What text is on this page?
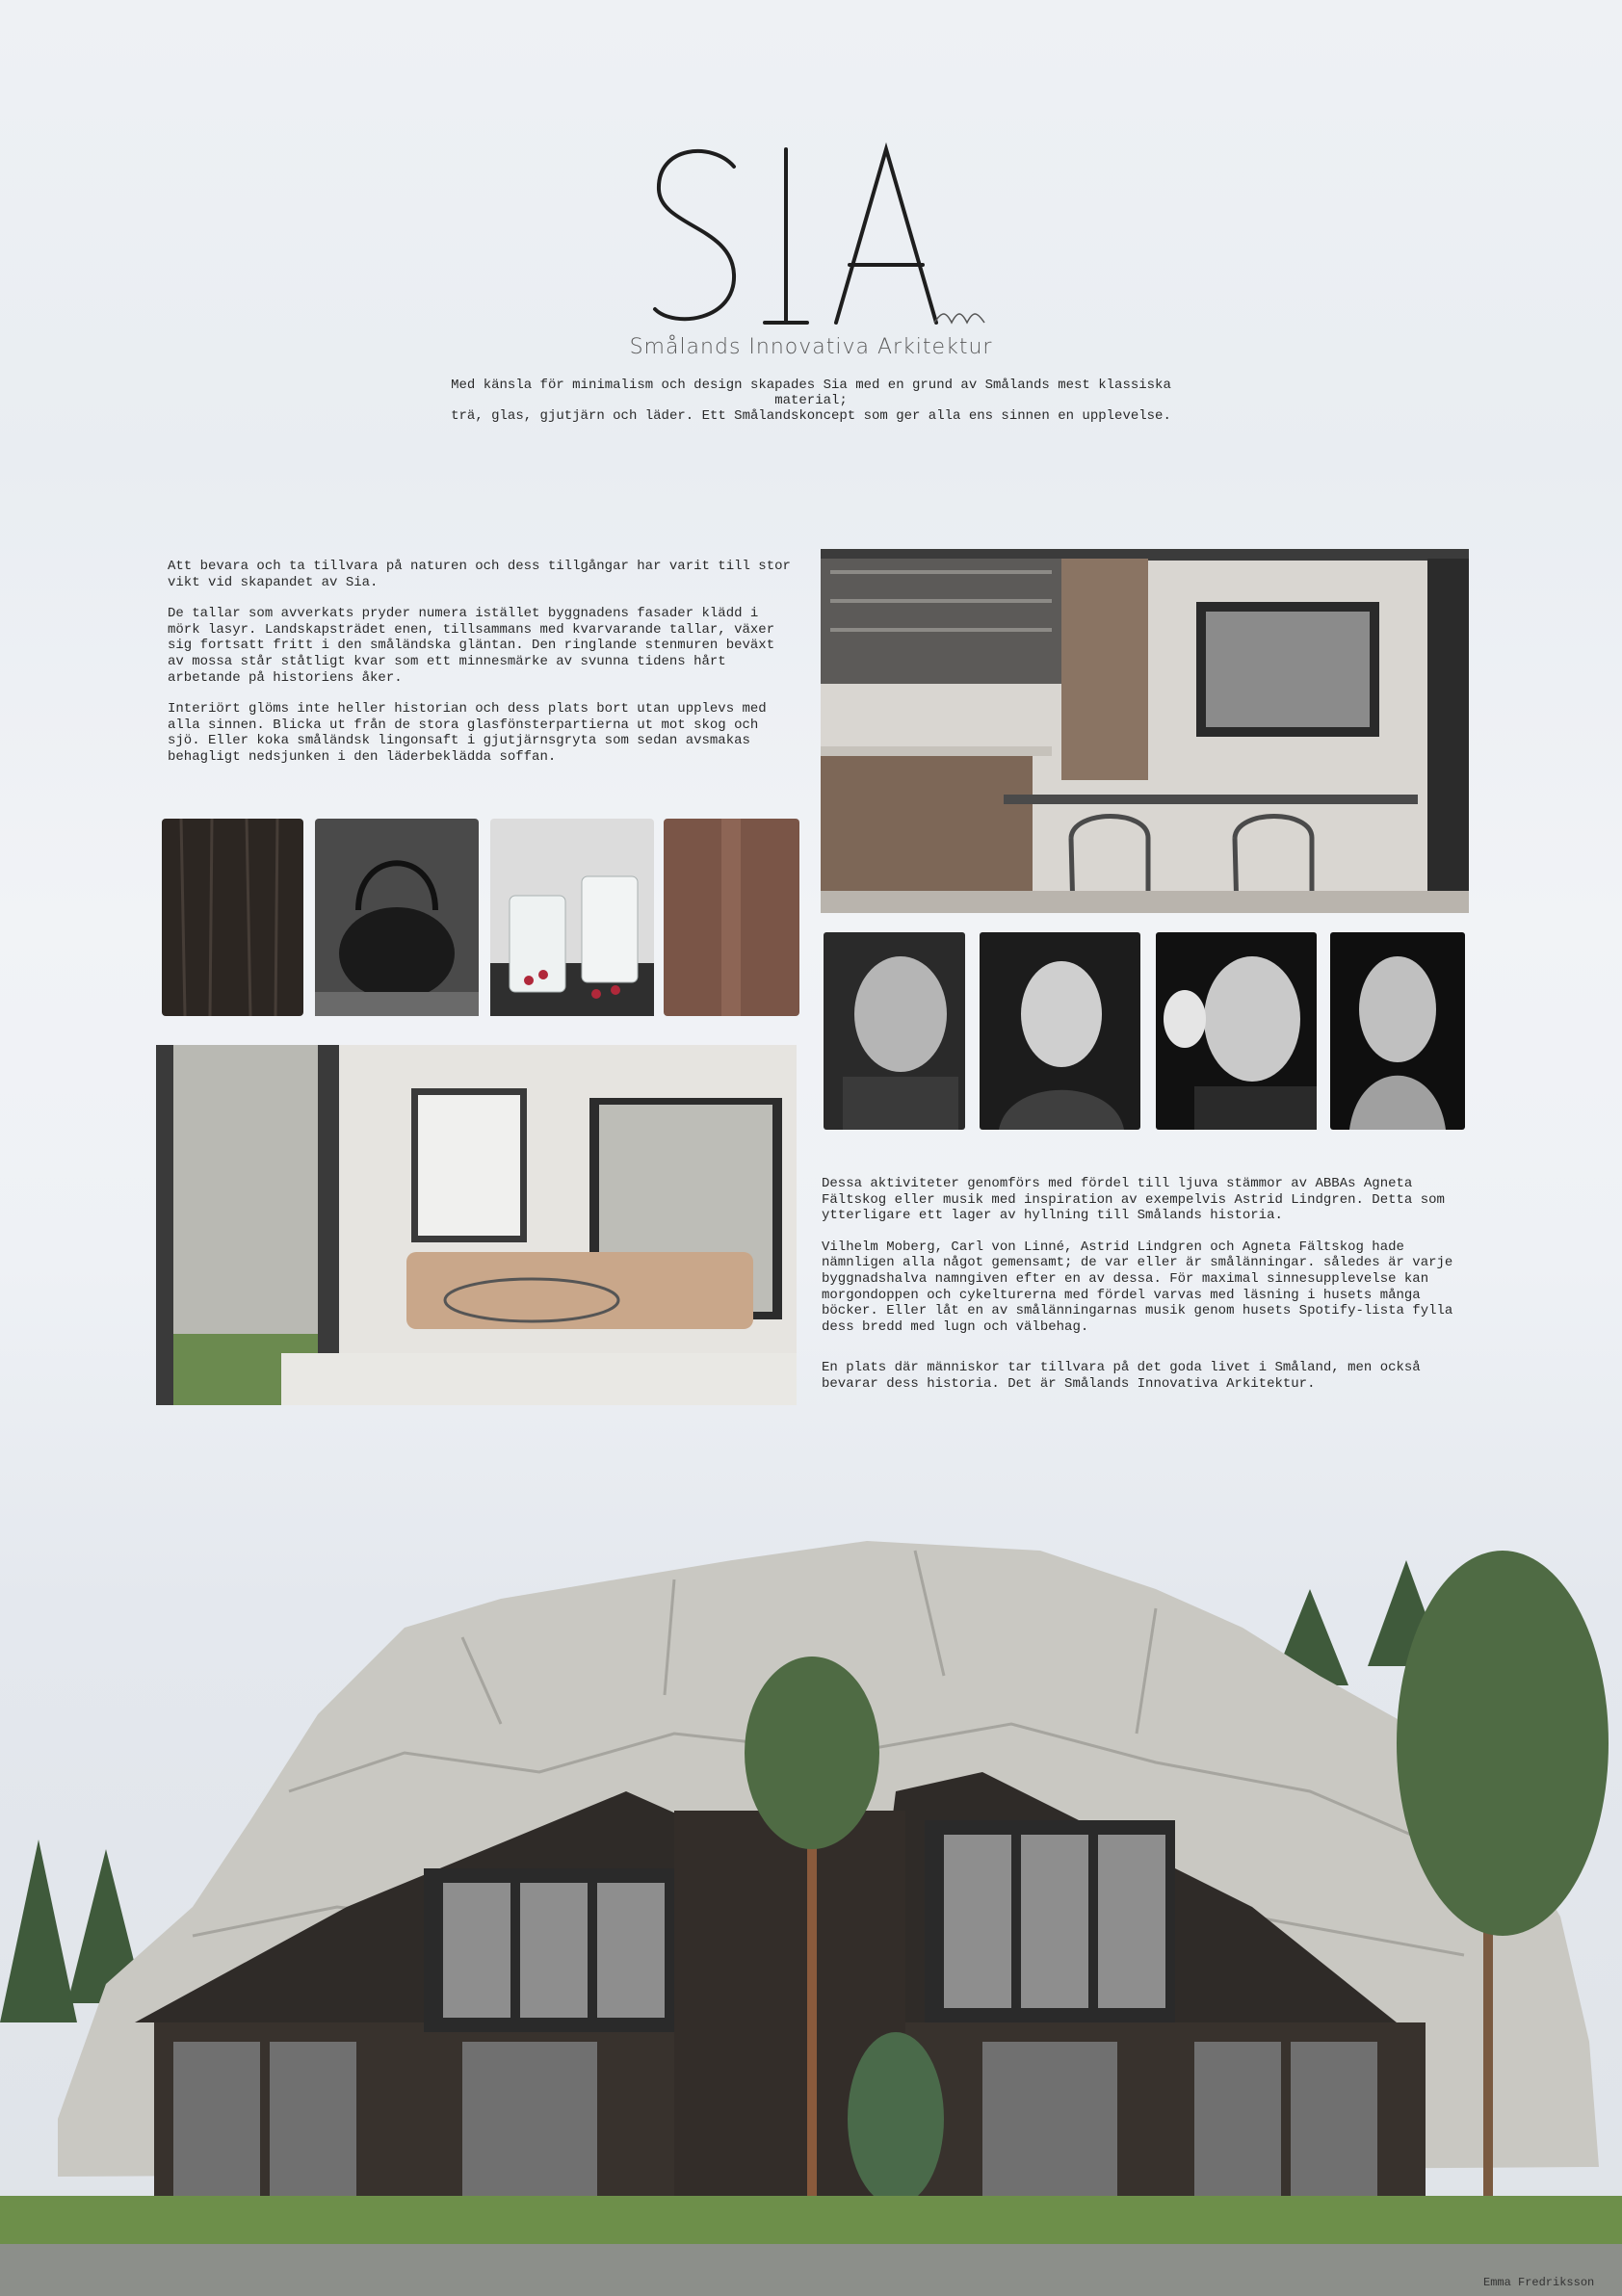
Smålands Innovativa Arkitektur
Med känsla för minimalism och design skapades Sia med en grund av Smålands mest klassiska material;
trä, glas, gjutjärn och läder. Ett Smålandskoncept som ger alla ens sinnen en upplevelse.

Att bevara och ta tillvara på naturen och dess tillgångar har varit till stor vikt vid skapandet av Sia.

De tallar som avverkats pryder numera istället byggnadens fasader klädd i mörk lasyr. Landskapsträdet enen, tillsammans med kvarvarande tallar, växer sig fortsatt fritt i den småländska gläntan. Den ringlande stenmuren beväxt av mossa står ståtligt kvar som ett minnesmärke av svunna tidens hårt arbetande på historiens åker.

Interiört glöms inte heller historian och dess plats bort utan upplevs med alla sinnen. Blicka ut från de stora glasfönsterpartierna ut mot skog och sjö. Eller koka småländsk lingonsaft i gjutjärnsgryta som sedan avsmakas behagligt nedsjunken i den läderbeklädda soffan.

Dessa aktiviteter genomförs med fördel till ljuva stämmor av ABBAs Agneta Fältskog eller musik med inspiration av exempelvis Astrid Lindgren. Detta som ytterligare ett lager av hyllning till Smålands historia.

Vilhelm Moberg, Carl von Linné, Astrid Lindgren och Agneta Fältskog hade nämnligen alla något gemensamt; de var eller är smålänningar. således är varje byggnadshalva namngiven efter en av dessa. För maximal sinnesupplevelse kan morgondoppen och cykelturerna med fördel varvas med läsning i husets många böcker. Eller låt en av smålänningarnas musik genom husets Spotify-lista fylla dess bredd med lugn och välbehag.

En plats där människor tar tillvara på det goda livet i Småland, men också bevarar dess historia. Det är Smålands Innovativa Arkitektur.

Emma Fredriksson
